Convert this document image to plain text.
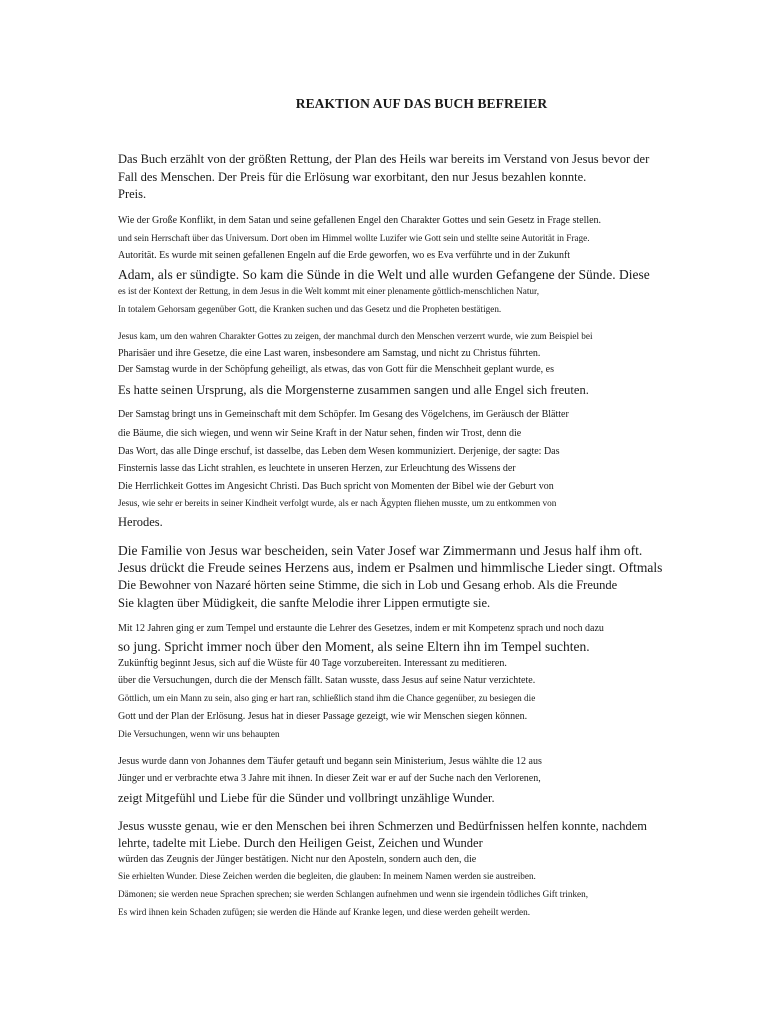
REAKTION AUF DAS BUCH BEFREIER
Das Buch erzählt von der größten Rettung, der Plan des Heils war bereits im Verstand von Jesus bevor der
Fall des Menschen. Der Preis für die Erlösung war exorbitant, den nur Jesus bezahlen konnte.
Preis.
Wie der Große Konflikt, in dem Satan und seine gefallenen Engel den Charakter Gottes und sein Gesetz in Frage stellen.
und sein Herrschaft über das Universum. Dort oben im Himmel wollte Luzifer wie Gott sein und stellte seine Autorität in Frage.
Autorität. Es wurde mit seinen gefallenen Engeln auf die Erde geworfen, wo es Eva verführte und in der Zukunft
Adam, als er sündigte. So kam die Sünde in die Welt und alle wurden Gefangene der Sünde. Diese
es ist der Kontext der Rettung, in dem Jesus in die Welt kommt mit einer plenamente göttlich-menschlichen Natur,
In totalem Gehorsam gegenüber Gott, die Kranken suchen und das Gesetz und die Propheten bestätigen.
Jesus kam, um den wahren Charakter Gottes zu zeigen, der manchmal durch den Menschen verzerrt wurde, wie zum Beispiel bei
Pharisäer und ihre Gesetze, die eine Last waren, insbesondere am Samstag, und nicht zu Christus führten.
Der Samstag wurde in der Schöpfung geheiligt, als etwas, das von Gott für die Menschheit geplant wurde, es
Es hatte seinen Ursprung, als die Morgensterne zusammen sangen und alle Engel sich freuten.
Der Samstag bringt uns in Gemeinschaft mit dem Schöpfer. Im Gesang des Vögelchens, im Geräusch der Blätter
die Bäume, die sich wiegen, und wenn wir Seine Kraft in der Natur sehen, finden wir Trost, denn die
Das Wort, das alle Dinge erschuf, ist dasselbe, das Leben dem Wesen kommuniziert. Derjenige, der sagte: Das
Finsternis lasse das Licht strahlen, es leuchtete in unseren Herzen, zur Erleuchtung des Wissens der
Die Herrlichkeit Gottes im Angesicht Christi. Das Buch spricht von Momenten der Bibel wie der Geburt von
Jesus, wie sehr er bereits in seiner Kindheit verfolgt wurde, als er nach Ägypten fliehen musste, um zu entkommen von
Herodes.
Die Familie von Jesus war bescheiden, sein Vater Josef war Zimmermann und Jesus half ihm oft.
Jesus drückt die Freude seines Herzens aus, indem er Psalmen und himmlische Lieder singt. Oftmals
Die Bewohner von Nazaré hörten seine Stimme, die sich in Lob und Gesang erhob. Als die Freunde
Sie klagten über Müdigkeit, die sanfte Melodie ihrer Lippen ermutigte sie.
Mit 12 Jahren ging er zum Tempel und erstaunte die Lehrer des Gesetzes, indem er mit Kompetenz sprach und noch dazu
so jung. Spricht immer noch über den Moment, als seine Eltern ihn im Tempel suchten.
Zukünftig beginnt Jesus, sich auf die Wüste für 40 Tage vorzubereiten. Interessant zu meditieren.
über die Versuchungen, durch die der Mensch fällt. Satan wusste, dass Jesus auf seine Natur verzichtete.
Göttlich, um ein Mann zu sein, also ging er hart ran, schließlich stand ihm die Chance gegenüber, zu besiegen die
Gott und der Plan der Erlösung. Jesus hat in dieser Passage gezeigt, wie wir Menschen siegen können.
Die Versuchungen, wenn wir uns behaupten
Jesus wurde dann von Johannes dem Täufer getauft und begann sein Ministerium, Jesus wählte die 12 aus
Jünger und er verbrachte etwa 3 Jahre mit ihnen. In dieser Zeit war er auf der Suche nach den Verlorenen,
zeigt Mitgefühl und Liebe für die Sünder und vollbringt unzählige Wunder.
Jesus wusste genau, wie er den Menschen bei ihren Schmerzen und Bedürfnissen helfen konnte, nachdem
lehrte, tadelte mit Liebe. Durch den Heiligen Geist, Zeichen und Wunder
würden das Zeugnis der Jünger bestätigen. Nicht nur den Aposteln, sondern auch den, die
Sie erhielten Wunder. Diese Zeichen werden die begleiten, die glauben: In meinem Namen werden sie austreiben.
Dämonen; sie werden neue Sprachen sprechen; sie werden Schlangen aufnehmen und wenn sie irgendein tödliches Gift trinken,
Es wird ihnen kein Schaden zufügen; sie werden die Hände auf Kranke legen, und diese werden geheilt werden.
